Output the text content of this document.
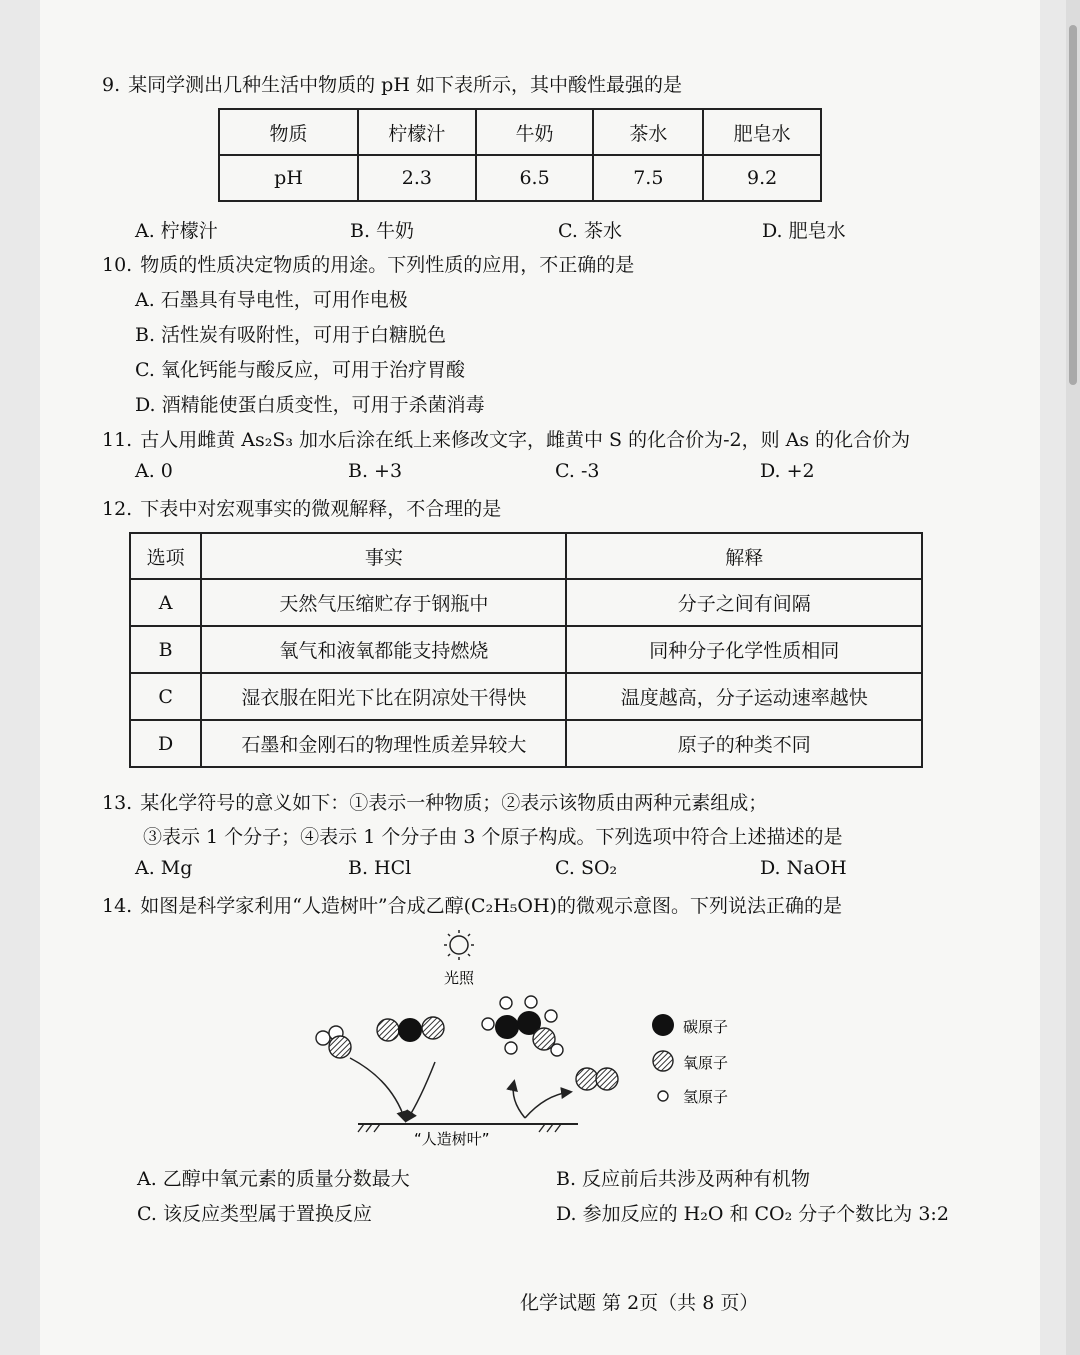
9. 某同学测出几种生活中物质的 pH 如下表所示，其中酸性最强的是
物质	柠檬汁	牛奶	茶水	肥皂水
pH	2.3	6.5	7.5	9.2
A. 柠檬汁	B. 牛奶	C. 茶水	D. 肥皂水
10. 物质的性质决定物质的用途。下列性质的应用，不正确的是
A. 石墨具有导电性，可用作电极
B. 活性炭有吸附性，可用于白糖脱色
C. 氧化钙能与酸反应，可用于治疗胃酸
D. 酒精能使蛋白质变性，可用于杀菌消毒
11. 古人用雌黄 As₂S₃ 加水后涂在纸上来修改文字，雌黄中 S 的化合价为-2，则 As 的化合价为
A. 0	B. +3	C. -3	D. +2
12. 下表中对宏观事实的微观解释，不合理的是
选项	事实	解释
A	天然气压缩贮存于钢瓶中	分子之间有间隔
B	氧气和液氧都能支持燃烧	同种分子化学性质相同
C	湿衣服在阳光下比在阴凉处干得快	温度越高，分子运动速率越快
D	石墨和金刚石的物理性质差异较大	原子的种类不同
13. 某化学符号的意义如下：①表示一种物质；②表示该物质由两种元素组成；
③表示 1 个分子；④表示 1 个分子由 3 个原子构成。下列选项中符合上述描述的是
A. Mg	B. HCl	C. SO₂	D. NaOH
14. 如图是科学家利用“人造树叶”合成乙醇(C₂H₅OH)的微观示意图。下列说法正确的是
光照
“人造树叶”
碳原子
氧原子
氢原子
A. 乙醇中氧元素的质量分数最大	B. 反应前后共涉及两种有机物
C. 该反应类型属于置换反应	D. 参加反应的 H₂O 和 CO₂ 分子个数比为 3:2
化学试题 第 2页（共 8 页）
